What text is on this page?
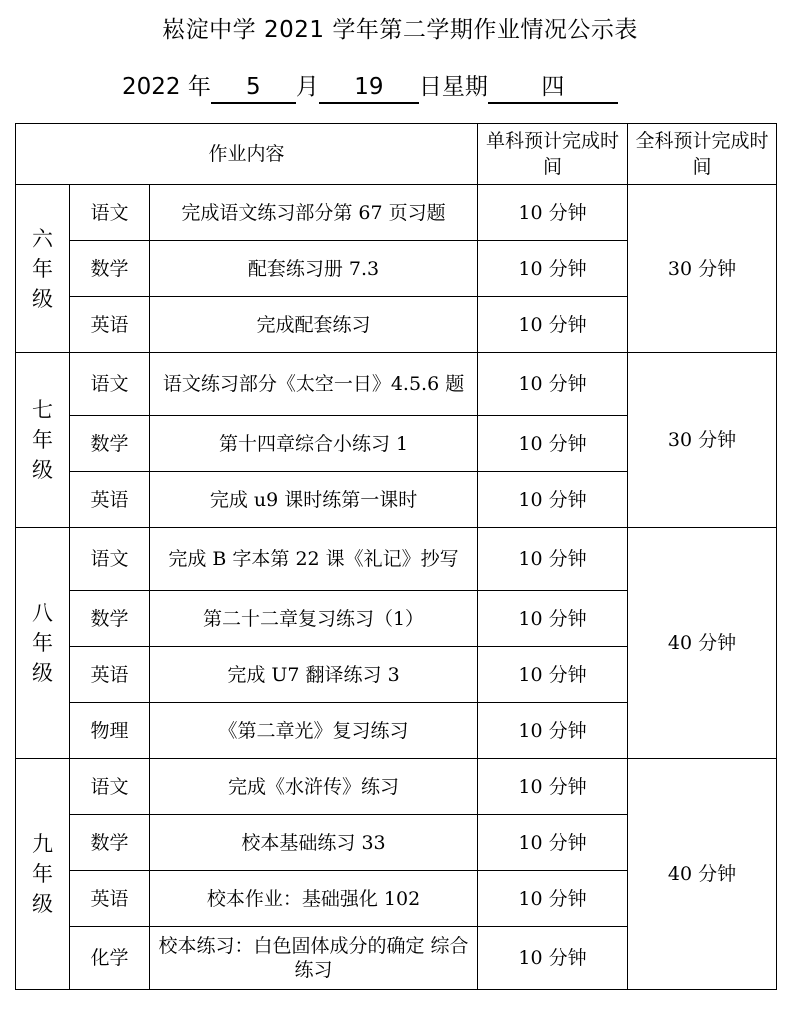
崧淀中学 2021 学年第二学期作业情况公示表
2022 年 5 月 19 日星期 四
作业内容			单科预计完成时间	全科预计完成时间

六
年
级	语文	完成语文练习部分第 67 页习题	10 分钟	30 分钟
	数学	配套练习册 7.3	10 分钟	
	英语	完成配套练习	10 分钟	

七
年
级	语文	语文练习部分《太空一日》4.5.6 题	10 分钟	30 分钟
	数学	第十四章综合小练习 1	10 分钟	
	英语	完成 u9 课时练第一课时	10 分钟	

八
年
级	语文	完成 B 字本第 22 课《礼记》抄写	10 分钟	40 分钟
	数学	第二十二章复习练习（1）	10 分钟	
	英语	完成 U7 翻译练习 3	10 分钟	
	物理	《第二章光》复习练习	10 分钟	

九
年
级	语文	完成《水浒传》练习	10 分钟	40 分钟
	数学	校本基础练习 33	10 分钟	
	英语	校本作业：基础强化 102	10 分钟	
	化学	校本练习：白色固体成分的确定 综合练习	10 分钟	
